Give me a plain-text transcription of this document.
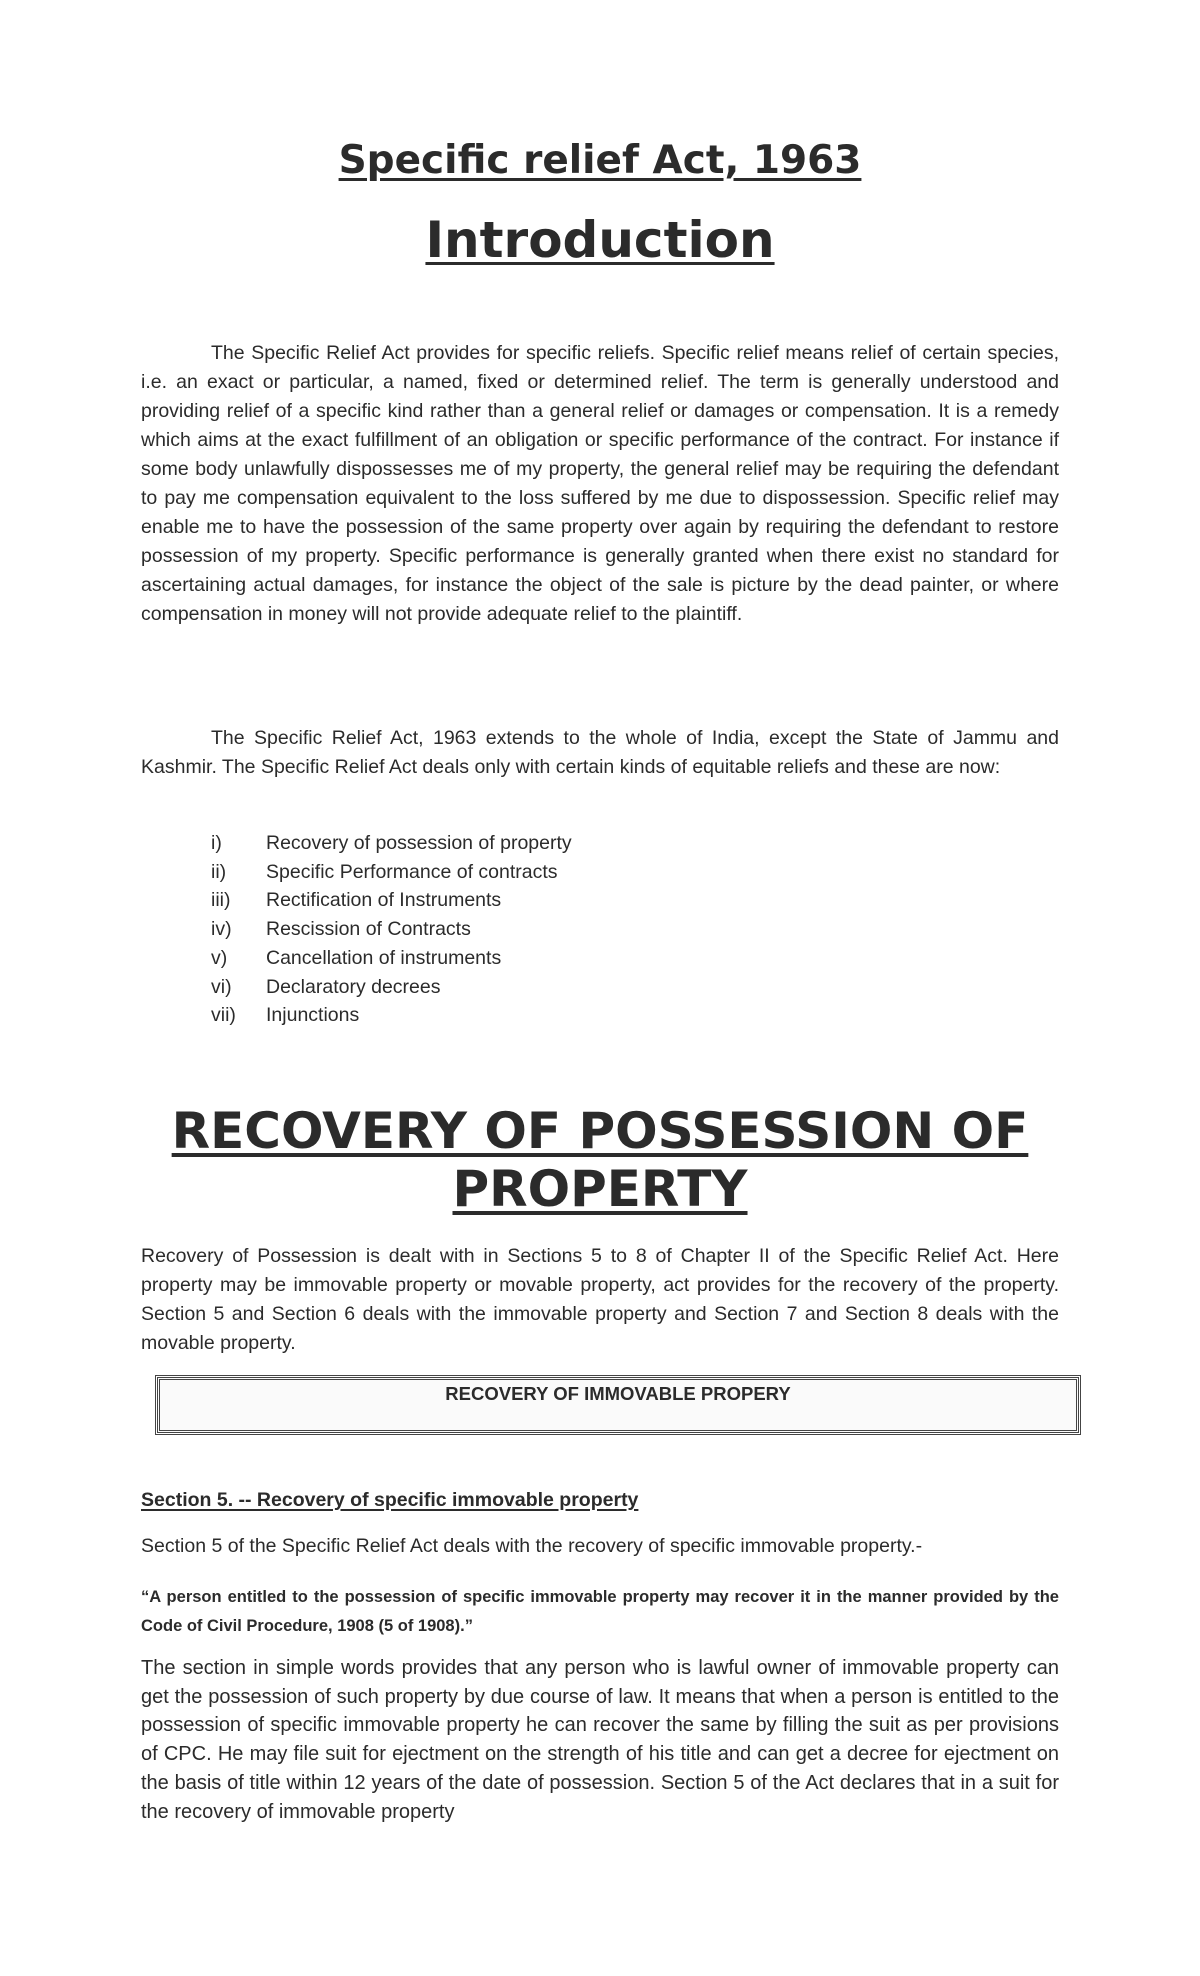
Specific relief Act, 1963
Introduction

The Specific Relief Act provides for specific reliefs. Specific relief means relief of certain species, i.e. an exact or particular, a named, fixed or determined relief. The term is generally understood and providing relief of a specific kind rather than a general relief or damages or compensation. It is a remedy which aims at the exact fulfillment of an obligation or specific performance of the contract. For instance if some body unlawfully dispossesses me of my property, the general relief may be requiring the defendant to pay me compensation equivalent to the loss suffered by me due to dispossession. Specific relief may enable me to have the possession of the same property over again by requiring the defendant to restore possession of my property. Specific performance is generally granted when there exist no standard for ascertaining actual damages, for instance the object of the sale is picture by the dead painter, or where compensation in money will not provide adequate relief to the plaintiff.

The Specific Relief Act, 1963 extends to the whole of India, except the State of Jammu and Kashmir. The Specific Relief Act deals only with certain kinds of equitable reliefs and these are now:

i)	Recovery of possession of property
ii)	Specific Performance of contracts
iii)	Rectification of Instruments
iv)	Rescission of Contracts
v)	Cancellation of instruments
vi)	Declaratory decrees
vii)	Injunctions
RECOVERY OF POSSESSION OF
PROPERTY

Recovery of Possession is dealt with in Sections 5 to 8 of Chapter II of the Specific Relief Act. Here property may be immovable property or movable property, act provides for the recovery of the property. Section 5 and Section 6 deals with the immovable property and Section 7 and Section 8 deals with the movable property.

RECOVERY OF IMMOVABLE PROPERY
Section 5. -- Recovery of specific immovable property
Section 5 of the Specific Relief Act deals with the recovery of specific immovable property.-

“A person entitled to the possession of specific immovable property may recover it in the manner provided by the Code of Civil Procedure, 1908 (5 of 1908).”

The section in simple words provides that any person who is lawful owner of immovable property can get the possession of such property by due course of law. It means that when a person is entitled to the possession of specific immovable property he can recover the same by filling the suit as per provisions of CPC. He may file suit for ejectment on the strength of his title and can get a decree for ejectment on the basis of title within 12 years of the date of possession. Section 5 of the Act declares that in a suit for the recovery of immovable property
